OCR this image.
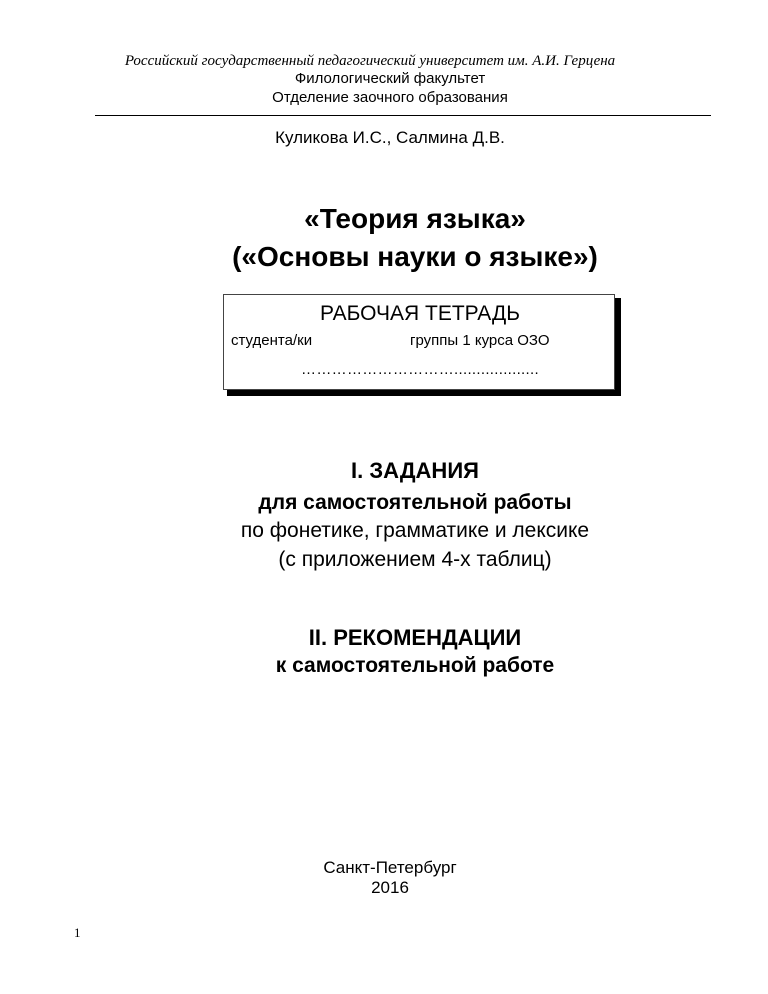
Российский государственный педагогический университет им. А.И. Герцена
Филологический факультет
Отделение заочного образования
Куликова И.С., Салмина Д.В.
«Теория языка»
(«Основы науки о языке»)
РАБОЧАЯ ТЕТРАДЬ
студента/ки	группы 1 курса ОЗО
…………………………...................
I. ЗАДАНИЯ
для самостоятельной работы
по фонетике, грамматике и лексике
(с приложением 4-х таблиц)
II. РЕКОМЕНДАЦИИ
к самостоятельной работе
Санкт-Петербург
2016
1
